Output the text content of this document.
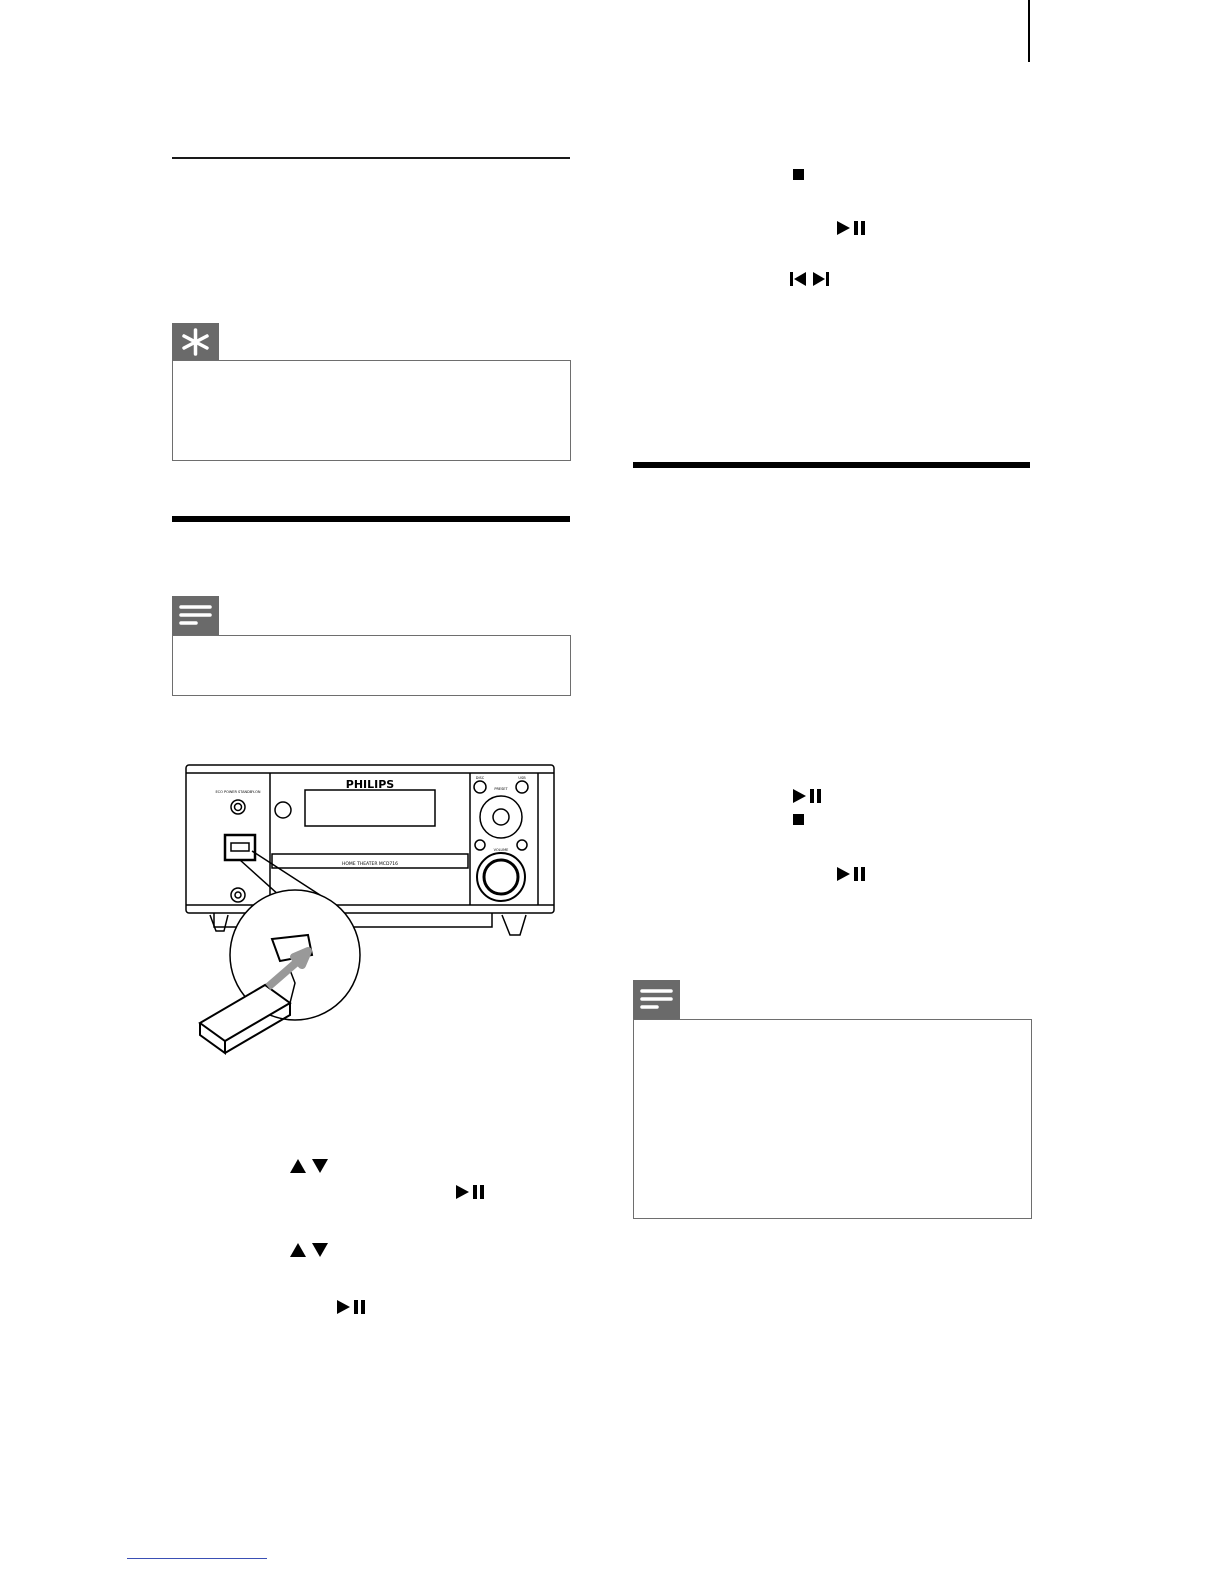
PHILIPS
HOME THEATER MCD716
ECO POWER STANDBY-ON
DISC	USB
PRESET
VOLUME
